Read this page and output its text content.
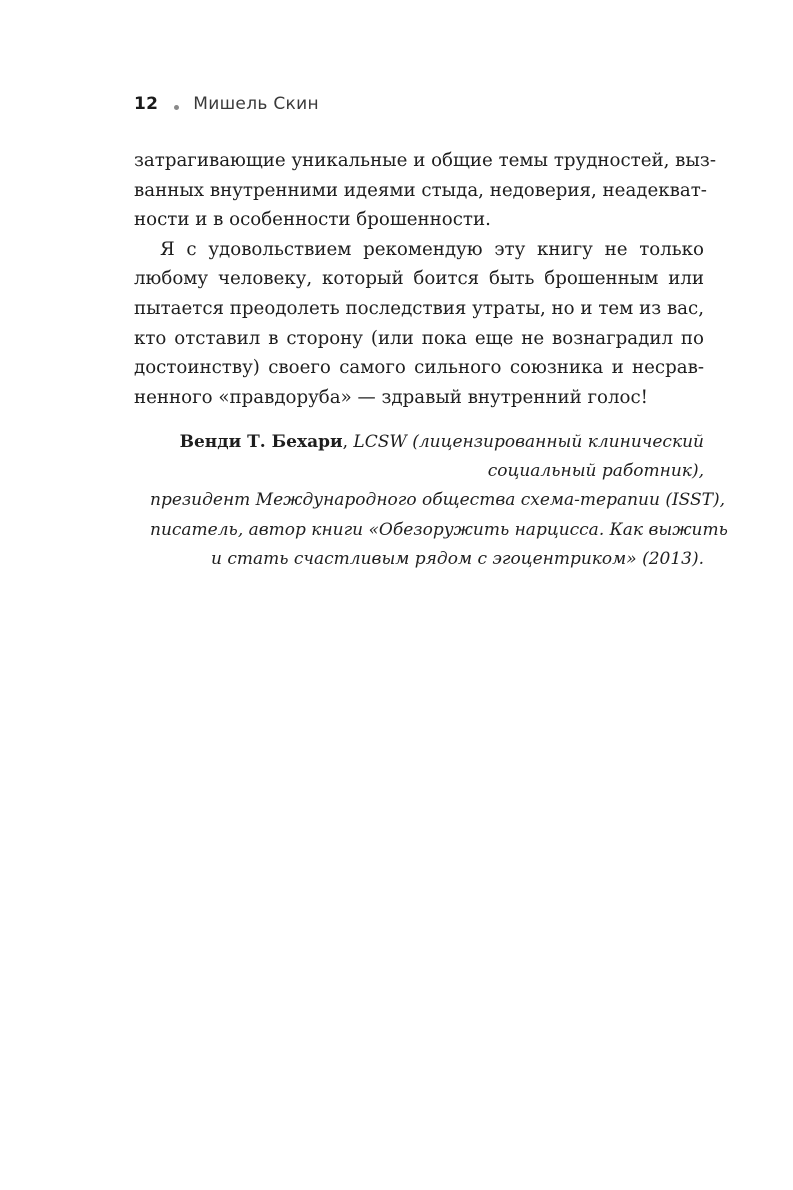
12 Мишель Скин
затрагивающие уникальные и общие темы трудностей, выз-
ванных внутренними идеями стыда, недоверия, неадекват-
ности и в особенности брошенности.
Я с удовольствием рекомендую эту книгу не только
любому человеку, который боится быть брошенным или
пытается преодолеть последствия утраты, но и тем из вас,
кто отставил в сторону (или пока еще не вознаградил по
достоинству) своего самого сильного союзника и несрав-
ненного «правдоруба» — здравый внутренний голос!
Венди Т. Бехари, LCSW (лицензированный клинический
социальный работник),
президент Международного общества схема-терапии (ISST),
писатель, автор книги «Обезоружить нарцисса. Как выжить
и стать счастливым рядом с эгоцентриком» (2013).
